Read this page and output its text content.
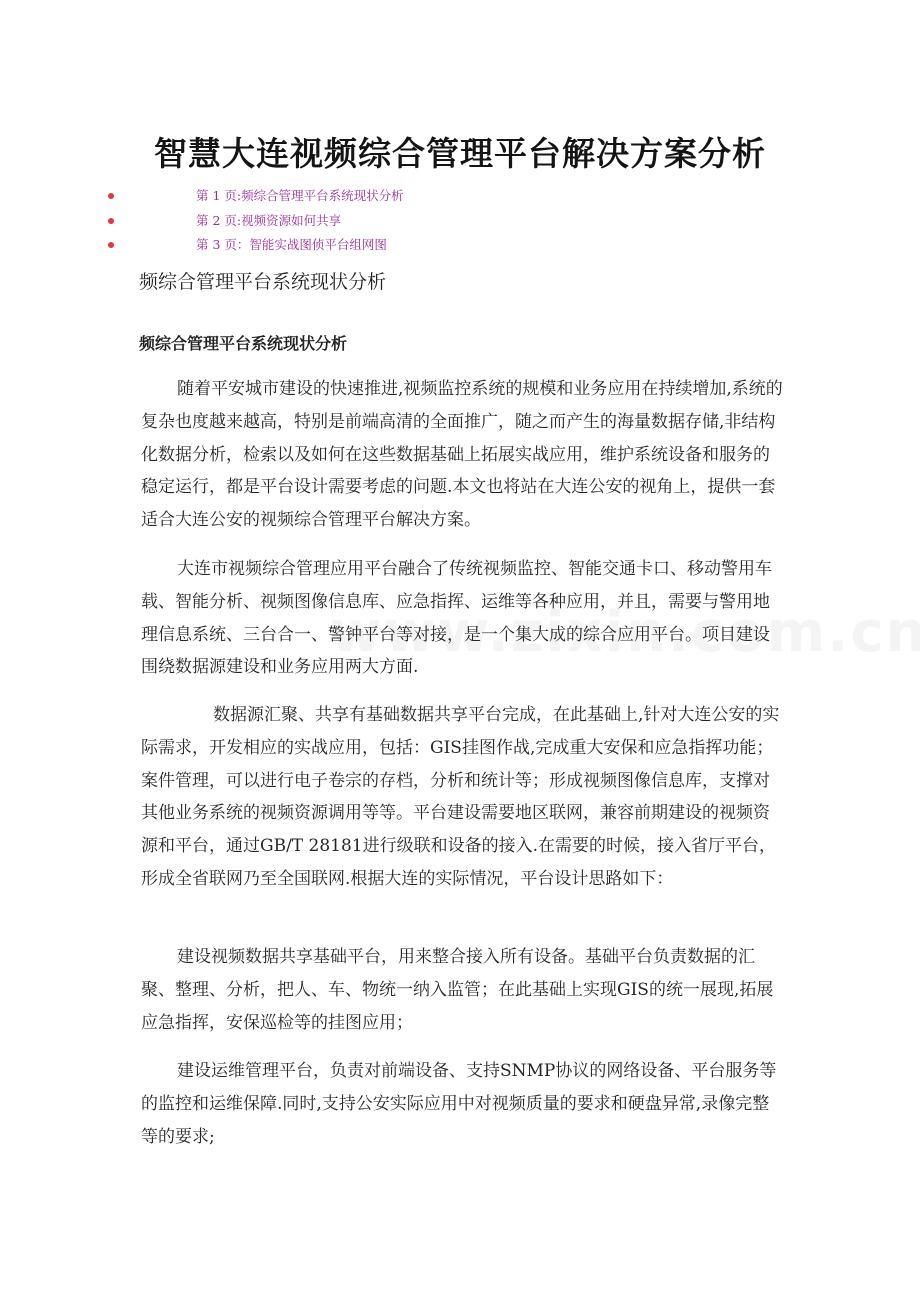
智慧大连视频综合管理平台解决方案分析
第 1 页:频综合管理平台系统现状分析
第 2 页:视频资源如何共享
第 3 页：智能实战图侦平台组网图
频综合管理平台系统现状分析
频综合管理平台系统现状分析

随着平安城市建设的快速推进,视频监控系统的规模和业务应用在持续增加,系统的复杂也度越来越高，特别是前端高清的全面推广，随之而产生的海量数据存储,非结构化数据分析，检索以及如何在这些数据基础上拓展实战应用，维护系统设备和服务的稳定运行，都是平台设计需要考虑的问题.本文也将站在大连公安的视角上，提供一套适合大连公安的视频综合管理平台解决方案。

大连市视频综合管理应用平台融合了传统视频监控、智能交通卡口、移动警用车载、智能分析、视频图像信息库、应急指挥、运维等各种应用，并且，需要与警用地理信息系统、三台合一、警钟平台等对接，是一个集大成的综合应用平台。项目建设围绕数据源建设和业务应用两大方面.

数据源汇聚、共享有基础数据共享平台完成，在此基础上,针对大连公安的实际需求，开发相应的实战应用，包括：GIS挂图作战,完成重大安保和应急指挥功能；案件管理，可以进行电子卷宗的存档，分析和统计等；形成视频图像信息库，支撑对其他业务系统的视频资源调用等等。平台建设需要地区联网，兼容前期建设的视频资源和平台，通过GB/T 28181进行级联和设备的接入.在需要的时候，接入省厅平台，形成全省联网乃至全国联网.根据大连的实际情况，平台设计思路如下：

建设视频数据共享基础平台，用来整合接入所有设备。基础平台负责数据的汇聚、整理、分析，把人、车、物统一纳入监管；在此基础上实现GIS的统一展现,拓展应急指挥，安保巡检等的挂图应用；

建设运维管理平台，负责对前端设备、支持SNMP协议的网络设备、平台服务等的监控和运维保障.同时,支持公安实际应用中对视频质量的要求和硬盘异常,录像完整等的要求;
